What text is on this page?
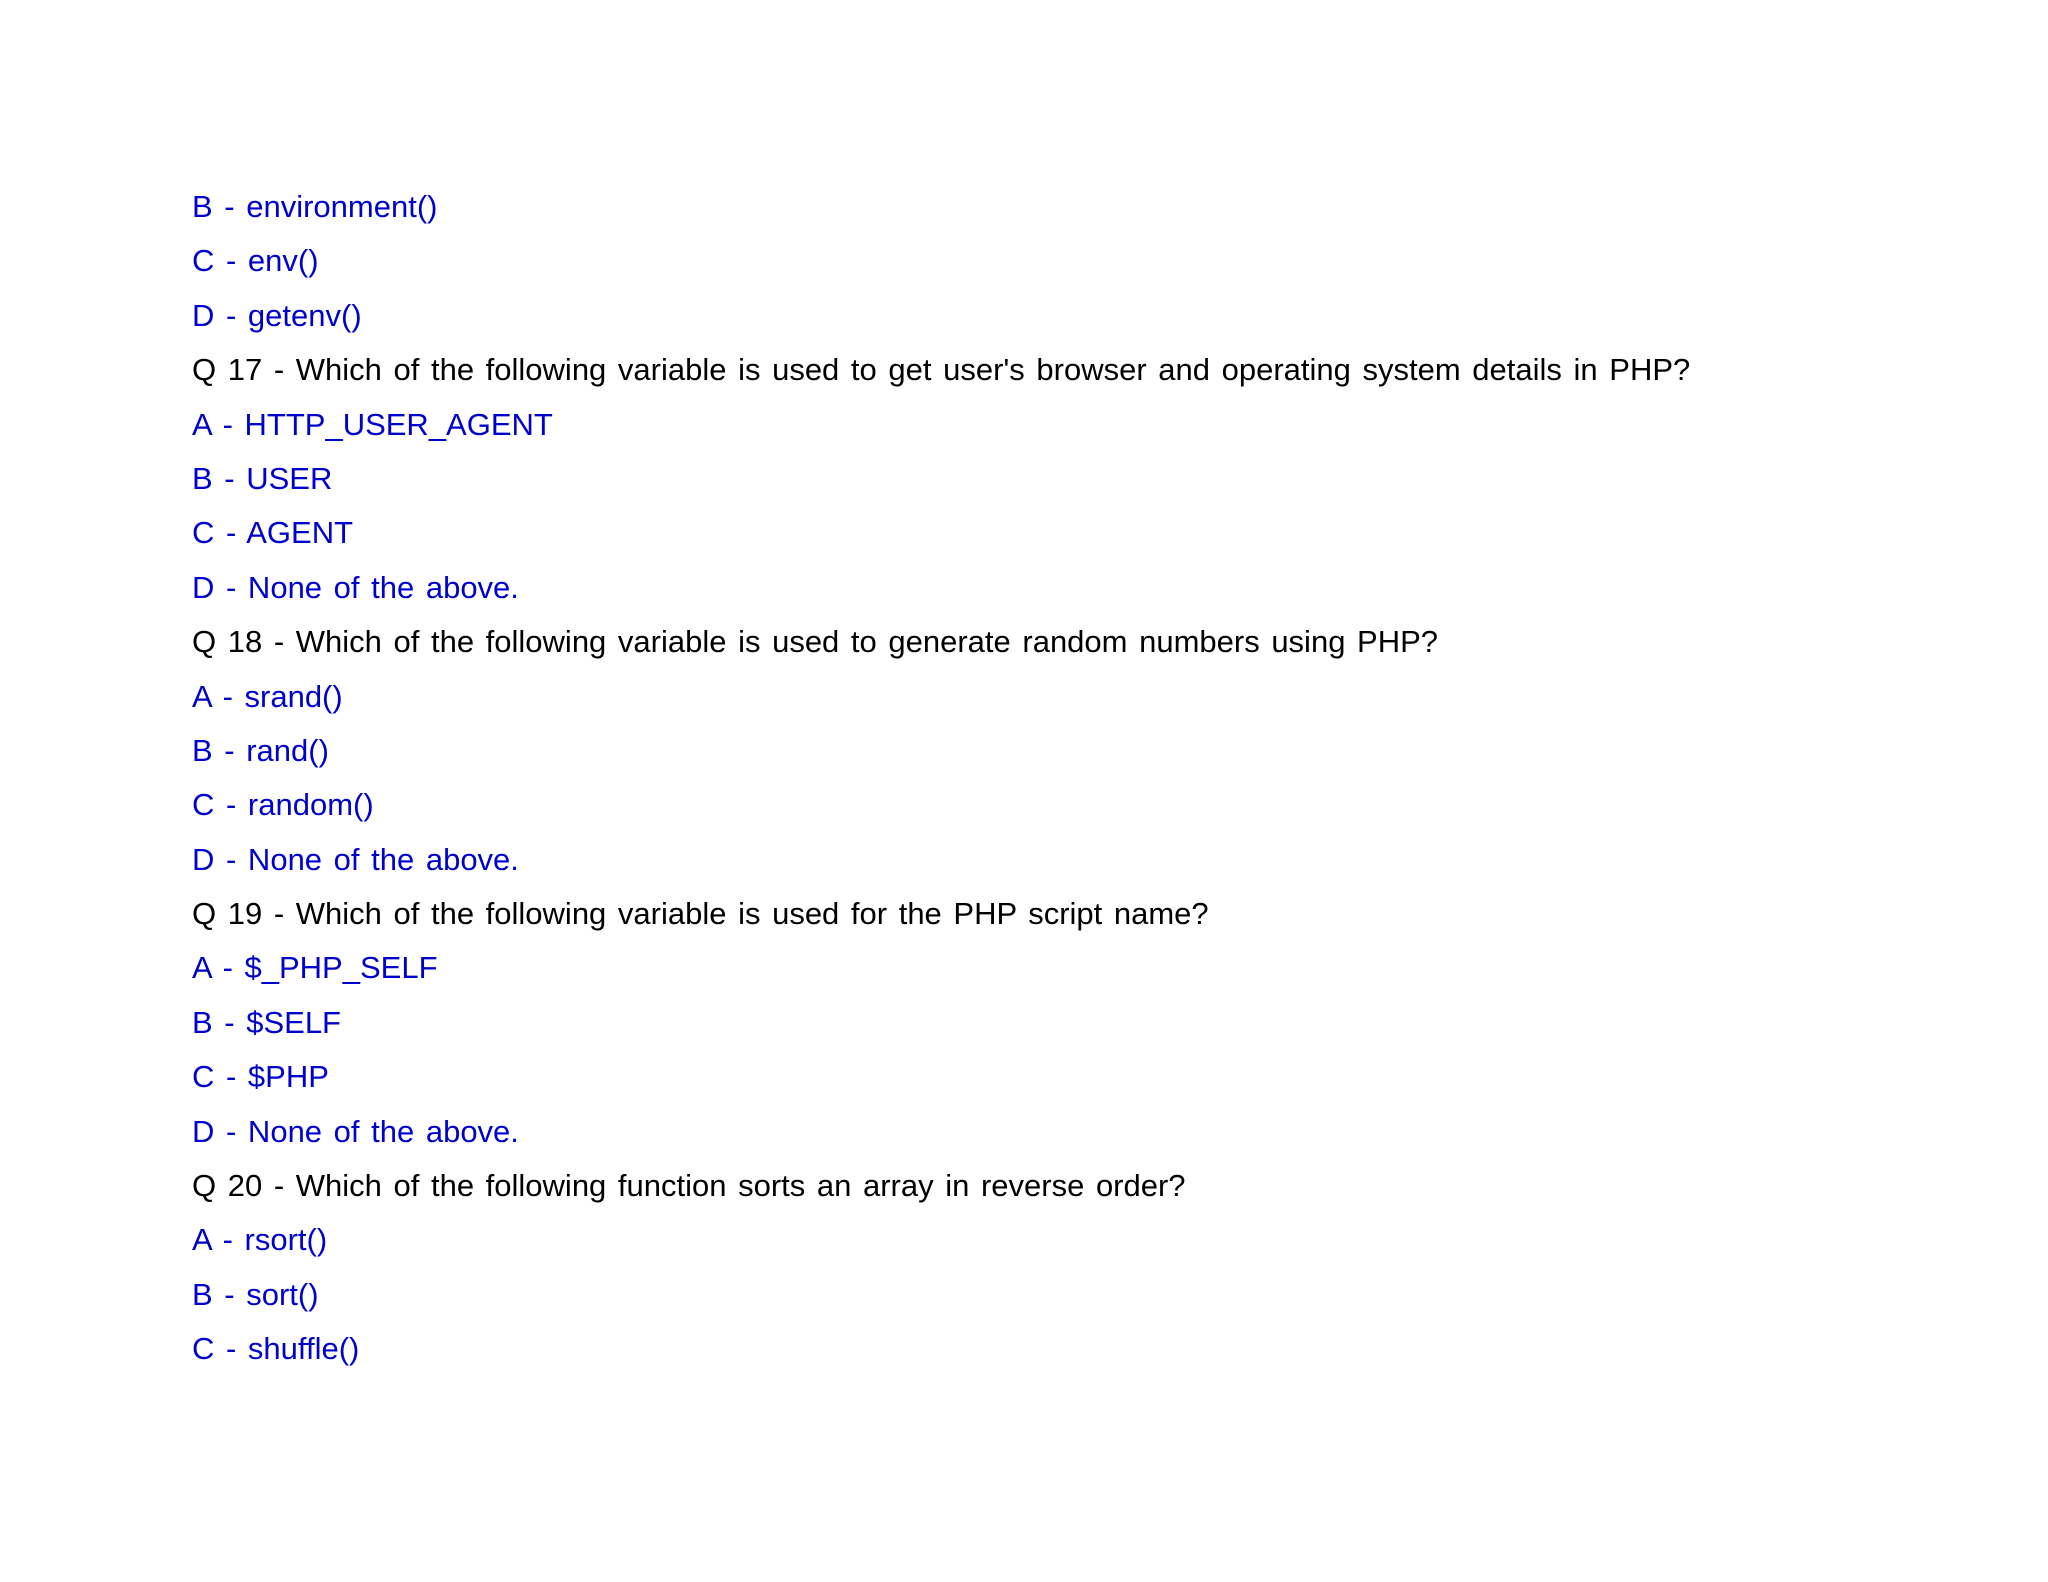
B - environment()
C - env()
D - getenv()
Q 17 - Which of the following variable is used to get user's browser and operating system details in PHP?
A - HTTP_USER_AGENT
B - USER
C - AGENT
D - None of the above.
Q 18 - Which of the following variable is used to generate random numbers using PHP?
A - srand()
B - rand()
C - random()
D - None of the above.
Q 19 - Which of the following variable is used for the PHP script name?
A - $_PHP_SELF
B - $SELF
C - $PHP
D - None of the above.
Q 20 - Which of the following function sorts an array in reverse order?
A - rsort()
B - sort()
C - shuffle()
